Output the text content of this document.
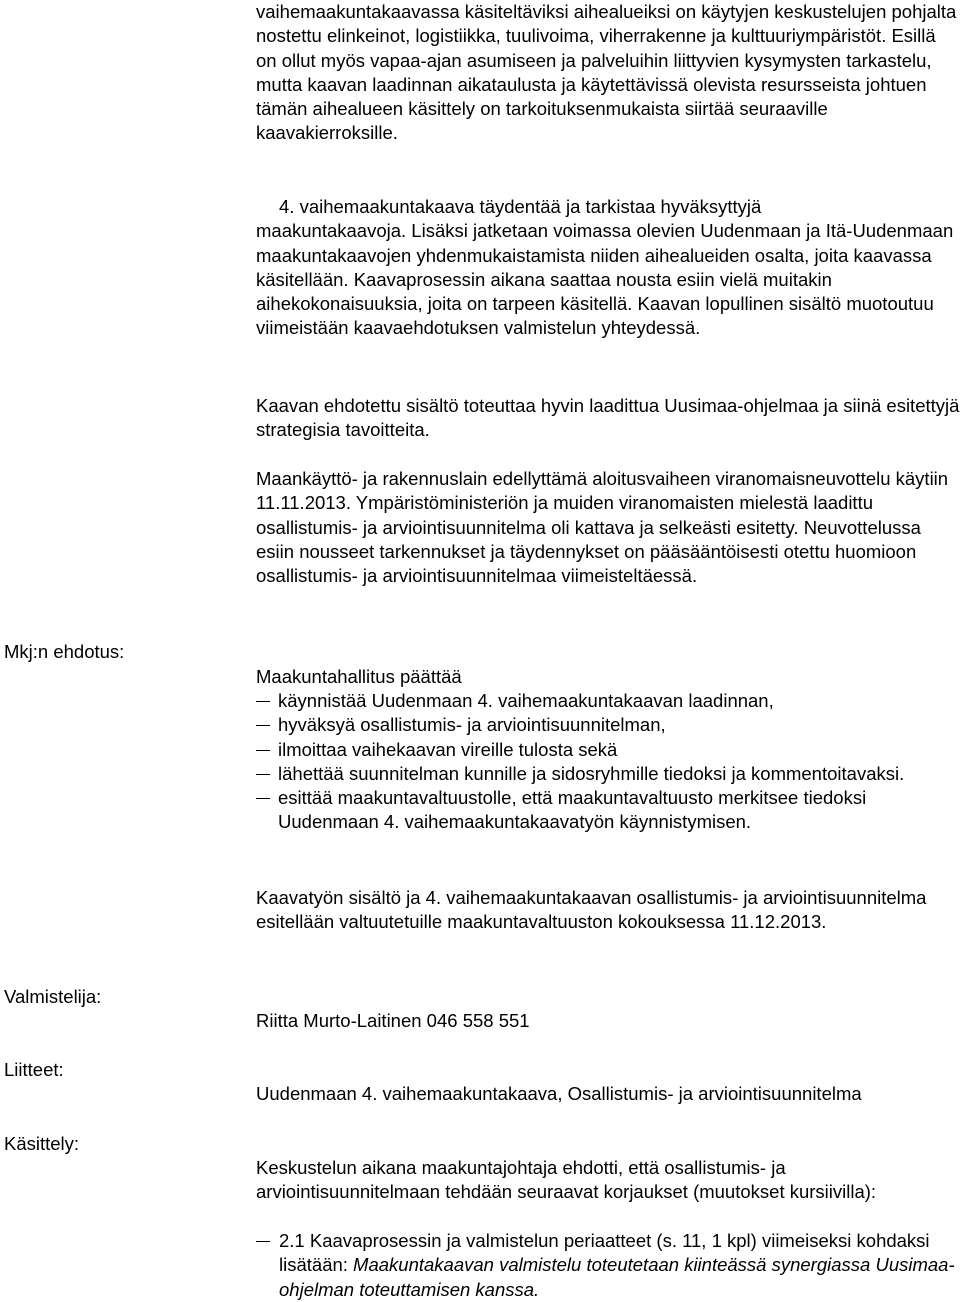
vaihemaakuntakaavassa käsiteltäviksi aihealueiksi on käytyjen keskustelujen pohjalta nostettu elinkeinot, logistiikka, tuulivoima, viherrakenne ja kulttuuriympäristöt. Esillä on ollut myös vapaa-ajan asumiseen ja palveluihin liittyvien kysymysten tarkastelu, mutta kaavan laadinnan aikataulusta ja käytettävissä olevista resursseista johtuen tämän aihealueen käsittely on tarkoituksenmukaista siirtää seuraaville kaavakierroksille.

4. vaihemaakuntakaava täydentää ja tarkistaa hyväksyttyjä
maakuntakaavoja. Lisäksi jatketaan voimassa olevien Uudenmaan ja Itä-Uudenmaan maakuntakaavojen yhdenmukaistamista niiden aihealueiden osalta, joita kaavassa käsitellään. Kaavaprosessin aikana saattaa nousta esiin vielä muitakin aihekokonaisuuksia, joita on tarpeen käsitellä. Kaavan lopullinen sisältö muotoutuu viimeistään kaavaehdotuksen valmistelun yhteydessä.

Kaavan ehdotettu sisältö toteuttaa hyvin laadittua Uusimaa-ohjelmaa ja siinä esitettyjä strategisia tavoitteita.

Maankäyttö- ja rakennuslain edellyttämä aloitusvaiheen viranomaisneuvottelu käytiin 11.11.2013. Ympäristöministeriön ja muiden viranomaisten mielestä laadittu osallistumis- ja arviointisuunnitelma oli kattava ja selkeästi esitetty. Neuvottelussa esiin nousseet tarkennukset ja täydennykset on pääsääntöisesti otettu huomioon osallistumis- ja arviointisuunnitelmaa viimeisteltäessä.

Mkj:n ehdotus:

Maakuntahallitus päättää

käynnistää Uudenmaan 4. vaihemaakuntakaavan laadinnan,
hyväksyä osallistumis- ja arviointisuunnitelman,
ilmoittaa vaihekaavan vireille tulosta sekä
lähettää suunnitelman kunnille ja sidosryhmille tiedoksi ja kommentoitavaksi.
esittää maakuntavaltuustolle, että maakuntavaltuusto merkitsee tiedoksi Uudenmaan 4. vaihemaakuntakaavatyön käynnistymisen.

Kaavatyön sisältö ja 4. vaihemaakuntakaavan osallistumis- ja arviointisuunnitelma esitellään valtuutetuille maakuntavaltuuston kokouksessa 11.12.2013.

Valmistelija:

Riitta Murto-Laitinen 046 558 551

Liitteet:

Uudenmaan 4. vaihemaakuntakaava, Osallistumis- ja arviointisuunnitelma

Käsittely:

Keskustelun aikana maakuntajohtaja ehdotti, että osallistumis- ja arviointisuunnitelmaan tehdään seuraavat korjaukset (muutokset kursiivilla):

2.1 Kaavaprosessin ja valmistelun periaatteet (s. 11, 1 kpl) viimeiseksi kohdaksi lisätään: Maakuntakaavan valmistelu toteutetaan kiinteässä synergiassa Uusimaa-ohjelman toteuttamisen kanssa.
